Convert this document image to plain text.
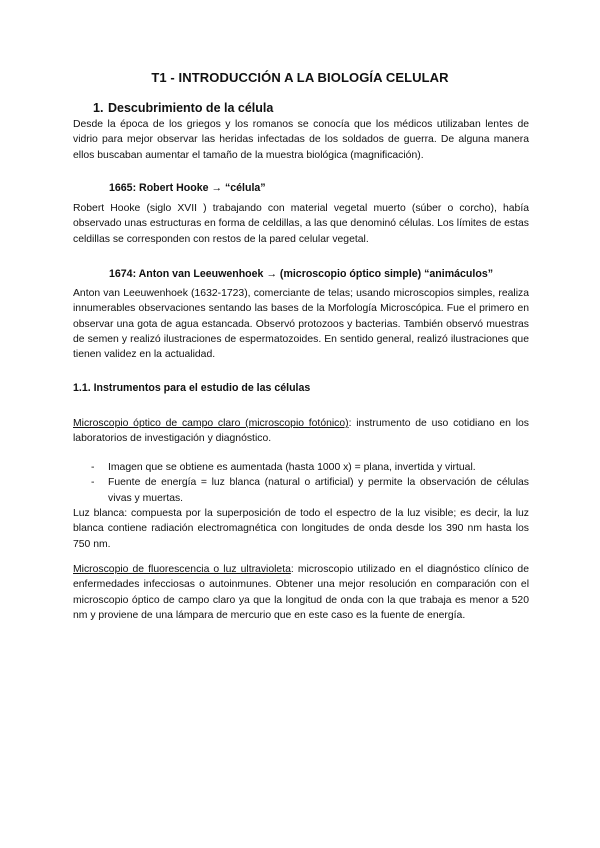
T1 - INTRODUCCIÓN A LA BIOLOGÍA CELULAR
1. Descubrimiento de la célula
Desde la época de los griegos y los romanos se conocía que los médicos utilizaban lentes de vidrio para mejor observar las heridas infectadas de los soldados de guerra. De alguna manera ellos buscaban aumentar el tamaño de la muestra biológica (magnificación).
1665: Robert Hooke → “célula”
Robert Hooke (siglo XVII ) trabajando con material vegetal muerto (súber o corcho), había observado unas estructuras en forma de celdillas, a las que denominó células. Los límites de estas celdillas se corresponden con restos de la pared celular vegetal.
1674: Anton van Leeuwenhoek → (microscopio óptico simple) “animáculos”
Anton van Leeuwenhoek (1632-1723), comerciante de telas; usando microscopios simples, realiza innumerables observaciones sentando las bases de la Morfología Microscópica. Fue el primero en observar una gota de agua estancada. Observó protozoos y bacterias. También observó muestras de semen y realizó ilustraciones de espermatozoides. En sentido general, realizó ilustraciones que tienen validez en la actualidad.
1.1. Instrumentos para el estudio de las células
Microscopio óptico de campo claro (microscopio fotónico): instrumento de uso cotidiano en los laboratorios de investigación y diagnóstico.
- Imagen que se obtiene es aumentada (hasta 1000 x) = plana, invertida y virtual.
- Fuente de energía = luz blanca (natural o artificial) y permite la observación de células vivas y muertas.
Luz blanca: compuesta por la superposición de todo el espectro de la luz visible; es decir, la luz blanca contiene radiación electromagnética con longitudes de onda desde los 390 nm hasta los 750 nm.
Microscopio de fluorescencia o luz ultravioleta: microscopio utilizado en el diagnóstico clínico de enfermedades infecciosas o autoinmunes. Obtener una mejor resolución en comparación con el microscopio óptico de campo claro ya que la longitud de onda con la que trabaja es menor a 520 nm y proviene de una lámpara de mercurio que en este caso es la fuente de energía.
